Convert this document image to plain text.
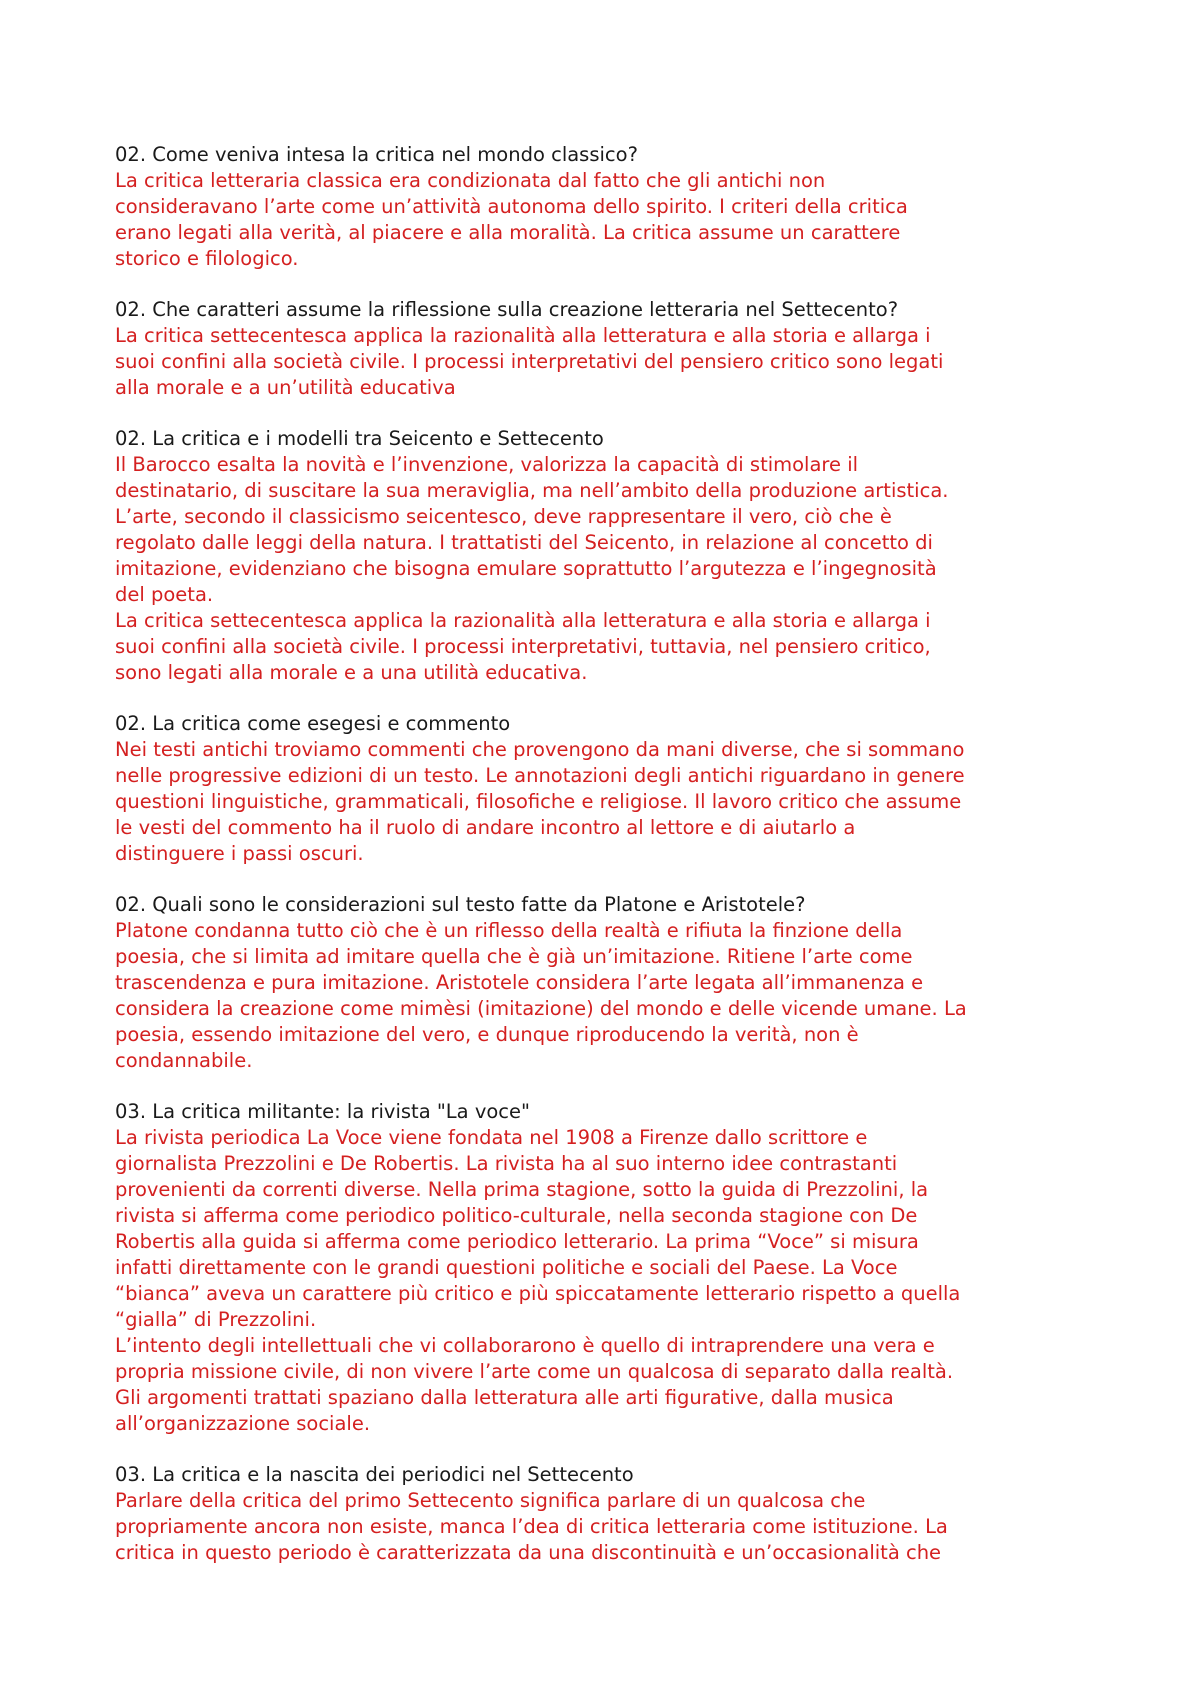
02. Come veniva intesa la critica nel mondo classico?
La critica letteraria classica era condizionata dal fatto che gli antichi non
consideravano l’arte come un’attività autonoma dello spirito. I criteri della critica
erano legati alla verità, al piacere e alla moralità. La critica assume un carattere
storico e filologico.
02. Che caratteri assume la riflessione sulla creazione letteraria nel Settecento?
La critica settecentesca applica la razionalità alla letteratura e alla storia e allarga i
suoi confini alla società civile. I processi interpretativi del pensiero critico sono legati
alla morale e a un’utilità educativa
02. La critica e i modelli tra Seicento e Settecento
Il Barocco esalta la novità e l’invenzione, valorizza la capacità di stimolare il
destinatario, di suscitare la sua meraviglia, ma nell’ambito della produzione artistica.
L’arte, secondo il classicismo seicentesco, deve rappresentare il vero, ciò che è
regolato dalle leggi della natura. I trattatisti del Seicento, in relazione al concetto di
imitazione, evidenziano che bisogna emulare soprattutto l’argutezza e l’ingegnosità
del poeta.
La critica settecentesca applica la razionalità alla letteratura e alla storia e allarga i
suoi confini alla società civile. I processi interpretativi, tuttavia, nel pensiero critico,
sono legati alla morale e a una utilità educativa.
02. La critica come esegesi e commento
Nei testi antichi troviamo commenti che provengono da mani diverse, che si sommano
nelle progressive edizioni di un testo. Le annotazioni degli antichi riguardano in genere
questioni linguistiche, grammaticali, filosofiche e religiose. Il lavoro critico che assume
le vesti del commento ha il ruolo di andare incontro al lettore e di aiutarlo a
distinguere i passi oscuri.
02. Quali sono le considerazioni sul testo fatte da Platone e Aristotele?
Platone condanna tutto ciò che è un riflesso della realtà e rifiuta la finzione della
poesia, che si limita ad imitare quella che è già un’imitazione. Ritiene l’arte come
trascendenza e pura imitazione. Aristotele considera l’arte legata all’immanenza e
considera la creazione come mimèsi (imitazione) del mondo e delle vicende umane. La
poesia, essendo imitazione del vero, e dunque riproducendo la verità, non è
condannabile.
03. La critica militante: la rivista "La voce"
La rivista periodica La Voce viene fondata nel 1908 a Firenze dallo scrittore e
giornalista Prezzolini e De Robertis. La rivista ha al suo interno idee contrastanti
provenienti da correnti diverse. Nella prima stagione, sotto la guida di Prezzolini, la
rivista si afferma come periodico politico-culturale, nella seconda stagione con De
Robertis alla guida si afferma come periodico letterario. La prima “Voce” si misura
infatti direttamente con le grandi questioni politiche e sociali del Paese. La Voce
“bianca” aveva un carattere più critico e più spiccatamente letterario rispetto a quella
“gialla” di Prezzolini.
L’intento degli intellettuali che vi collaborarono è quello di intraprendere una vera e
propria missione civile, di non vivere l’arte come un qualcosa di separato dalla realtà.
Gli argomenti trattati spaziano dalla letteratura alle arti figurative, dalla musica
all’organizzazione sociale.
03. La critica e la nascita dei periodici nel Settecento
Parlare della critica del primo Settecento significa parlare di un qualcosa che
propriamente ancora non esiste, manca l’dea di critica letteraria come istituzione. La
critica in questo periodo è caratterizzata da una discontinuità e un’occasionalità che
